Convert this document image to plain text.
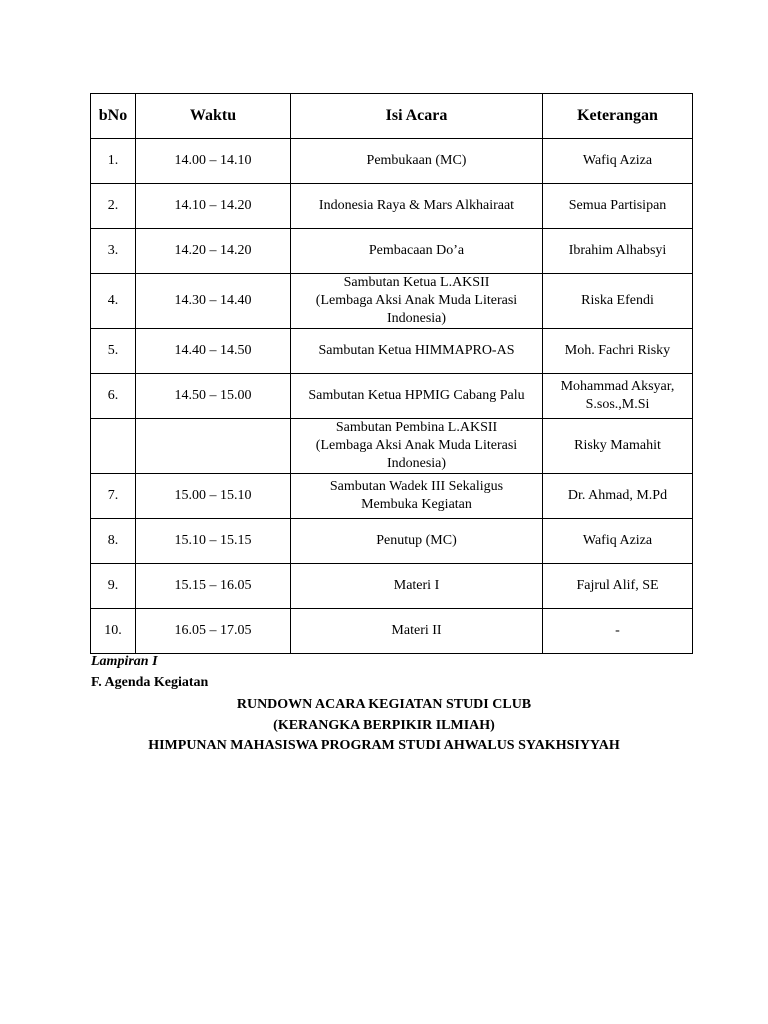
bNo	Waktu	Isi Acara	Keterangan
1.	14.00 – 14.10	Pembukaan (MC)	Wafiq Aziza
2.	14.10 – 14.20	Indonesia Raya & Mars Alkhairaat	Semua Partisipan
3.	14.20 – 14.20	Pembacaan Do’a	Ibrahim Alhabsyi
4.	14.30 – 14.40	Sambutan Ketua L.AKSII
(Lembaga Aksi Anak Muda Literasi
Indonesia)	Riska Efendi
5.	14.40 – 14.50	Sambutan Ketua HIMMAPRO-AS	Moh. Fachri Risky
6.	14.50 – 15.00	Sambutan Ketua HPMIG Cabang Palu	Mohammad Aksyar,
S.sos.,M.Si

		Sambutan Pembina L.AKSII
(Lembaga Aksi Anak Muda Literasi
Indonesia)	Risky Mamahit
7.	15.00 – 15.10	Sambutan Wadek III Sekaligus
Membuka Kegiatan	Dr. Ahmad, M.Pd
8.	15.10 – 15.15	Penutup (MC)	Wafiq Aziza
9.	15.15 – 16.05	Materi I	Fajrul Alif, SE
10.	16.05 – 17.05	Materi II	-
Lampiran I
F. Agenda Kegiatan
RUNDOWN ACARA KEGIATAN STUDI CLUB
(KERANGKA BERPIKIR ILMIAH)
HIMPUNAN MAHASISWA PROGRAM STUDI AHWALUS SYAKHSIYYAH
